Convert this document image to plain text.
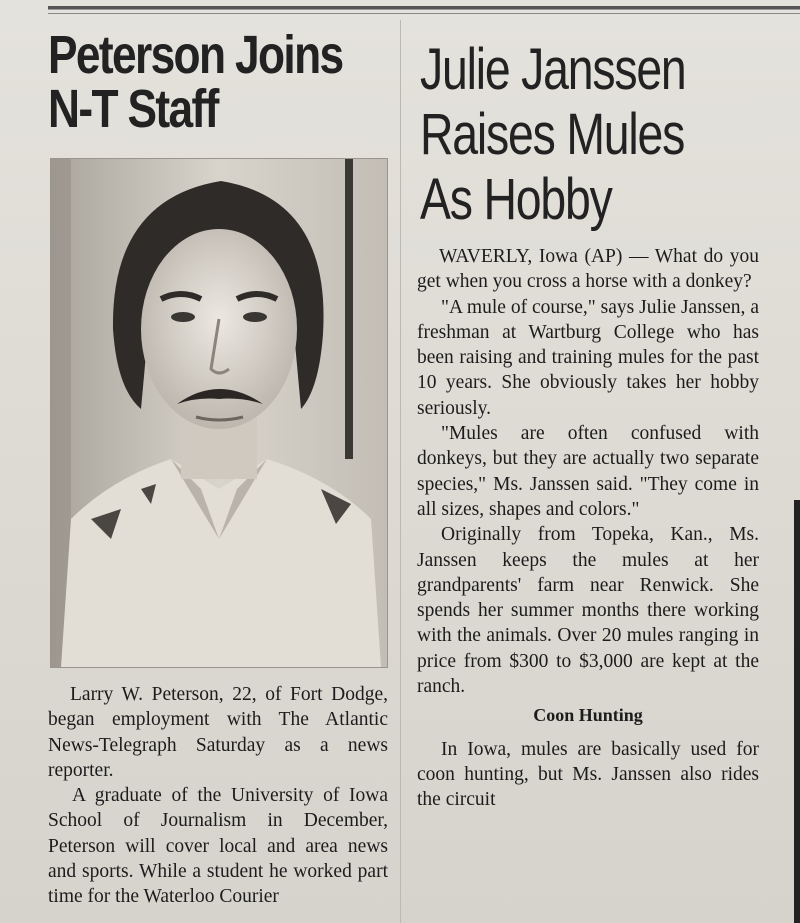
Peterson Joins
N-T Staff

Larry W. Peterson, 22, of Fort Dodge, began employment with The Atlantic News-Telegraph Saturday as a news reporter.

A graduate of the University of Iowa School of Journalism in December, Peterson will cover local and area news and sports. While a student he worked part time for the Waterloo Courier

Julie Janssen
Raises Mules
As Hobby

WAVERLY, Iowa (AP) — What do you get when you cross a horse with a donkey?

"A mule of course," says Julie Janssen, a freshman at Wartburg College who has been raising and training mules for the past 10 years. She obviously takes her hobby seriously.

"Mules are often confused with donkeys, but they are actually two separate species," Ms. Janssen said. "They come in all sizes, shapes and colors."

Originally from Topeka, Kan., Ms. Janssen keeps the mules at her grandparents' farm near Renwick. She spends her summer months there working with the animals. Over 20 mules ranging in price from $300 to $3,000 are kept at the ranch.

Coon Hunting

In Iowa, mules are basically used for coon hunting, but Ms. Janssen also rides the circuit
